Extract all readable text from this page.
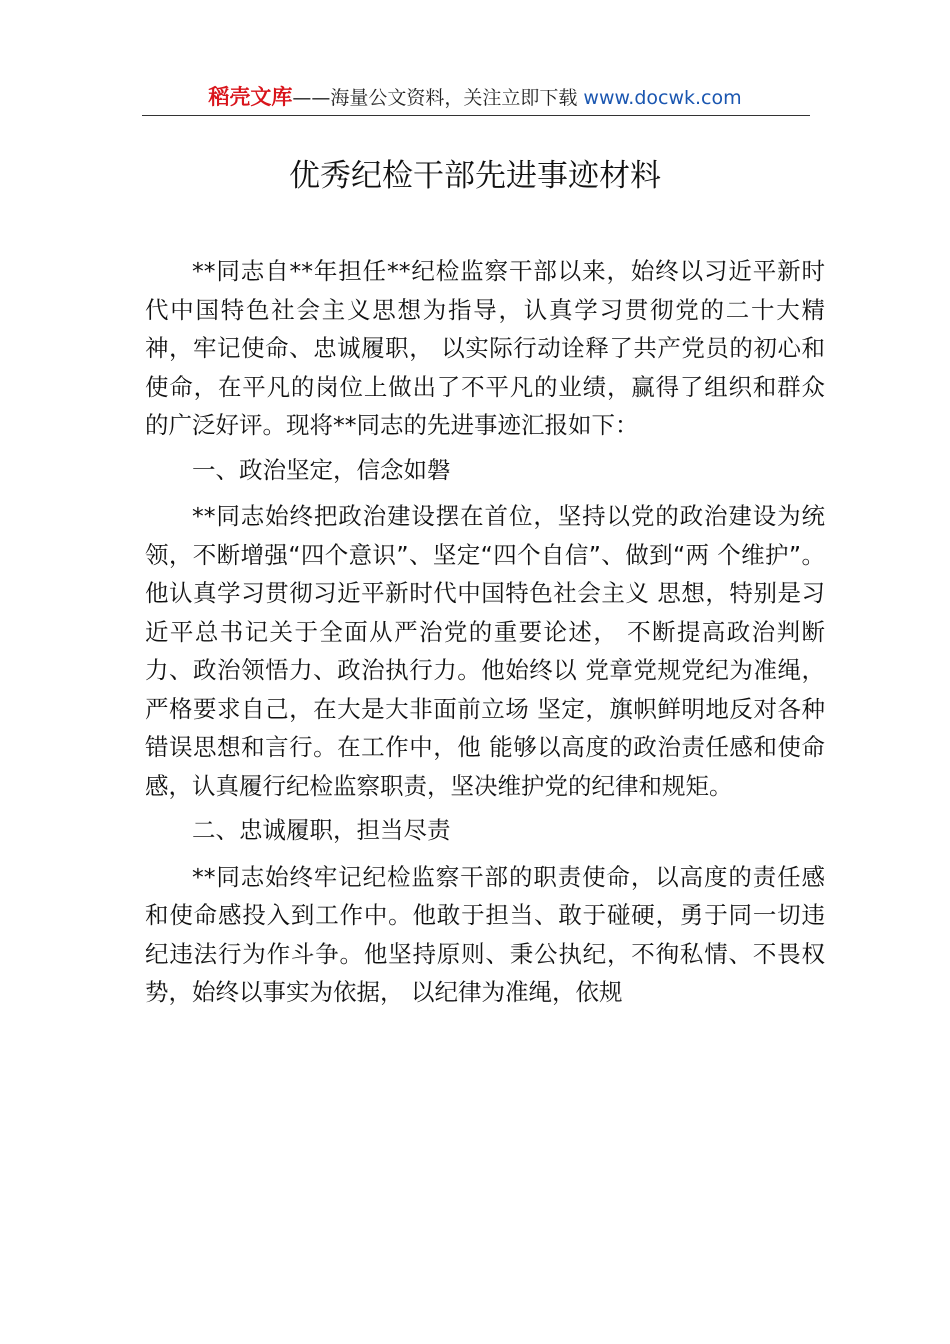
稻壳文库——海量公文资料，关注立即下载 www.docwk.com
优秀纪检干部先进事迹材料

**同志自**年担任**纪检监察干部以来，始终以习近平新时代中国特色社会主义思想为指导，认真学习贯彻党的二十大精神，牢记使命、忠诚履职， 以实际行动诠释了共产党员的初心和使命，在平凡的岗位上做出了不平凡的业绩，赢得了组织和群众的广泛好评。现将**同志的先进事迹汇报如下：

一、政治坚定，信念如磐

**同志始终把政治建设摆在首位，坚持以党的政治建设为统领，不断增强“四个意识”、坚定“四个自信”、做到“两 个维护”。他认真学习贯彻习近平新时代中国特色社会主义 思想，特别是习近平总书记关于全面从严治党的重要论述， 不断提高政治判断力、政治领悟力、政治执行力。他始终以 党章党规党纪为准绳，严格要求自己，在大是大非面前立场 坚定，旗帜鲜明地反对各种错误思想和言行。在工作中，他 能够以高度的政治责任感和使命感，认真履行纪检监察职责，坚决维护党的纪律和规矩。

二、忠诚履职，担当尽责

**同志始终牢记纪检监察干部的职责使命，以高度的责任感和使命感投入到工作中。他敢于担当、敢于碰硬，勇于同一切违纪违法行为作斗争。他坚持原则、秉公执纪，不徇私情、不畏权势，始终以事实为依据， 以纪律为准绳，依规
